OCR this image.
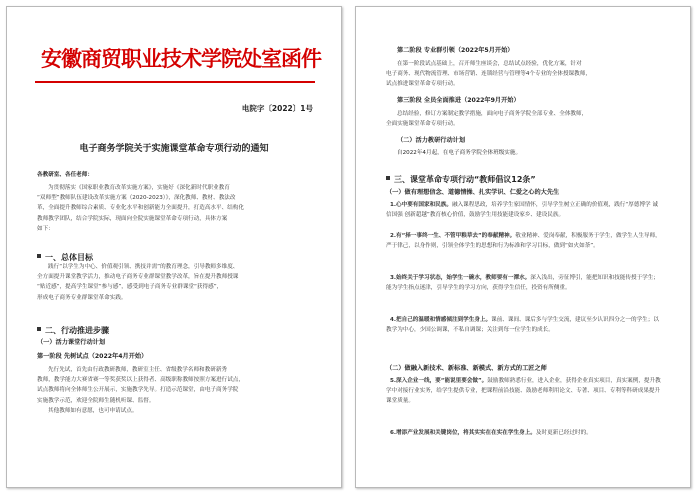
安徽商贸职业技术学院处室函件

电院字〔2022〕1号

电子商务学院关于实施课堂革命专项行动的通知

各教研室、各任老师：

为贯彻落实《国家职业教育改革实施方案》，实施好《深化新时代职业教育
“双师型”教师队伍建设改革实施方案（2020-2023）》，深化教师、教材、教法改
革，全面提升教师综合素质、专业化水平和创新能力全面提升，打造高水平、结构化
教师教学团队，结合学院实际，现面向全院实施课堂革命专项行动，具体方案
如下：
一、总体目标
践行“以学生为中心、价值观引领、携技并需”的教育理念，引导教师多维度、
全方面提升课堂教学活力，推动电子商务专业群课堂教学改革，旨在提升教师授课
“贴近感”，提高学生课堂“参与感”，感受到电子商务专业群课堂“获得感”，
形成电子商务专业群课堂革命实践。
二、行动推进步骤

（一）活力课堂行动计划

第一阶段 先树试点（2022年4月开始）

先行先试，首先由行政教研教师，教研室主任、省级教学名师和教研新秀
教师，教学能力大赛省赛一等奖获奖以上获得者、高级职称教师按照方案进行试点，
试点教师将向全体师生公开展示，实施教学先导。打造示范课堂，由电子商务学院
实施教学示范，欢迎全院师生随机听课、监督。
其他教师如有意愿，也可申请试点。

第二阶段 专业群引领（2022年5月开始）

在第一阶段试点基础上，召开师生座谈会，总结试点经验，优化方案，针对
电子商务、现代物流管理、市场营销、连锁经营与管理等4个专业的全体授课教师，
试点推进课堂革命专项行动。

第三阶段 全员全面推进（2022年9月开始）

总结经验，修订方案制定教学措施，面向电子商务学院全部专业、全体教师，
全面实施课堂革命专项行动。

（二）活力教研行动计划

自2022年4月起，在电子商务学院全体班级实施。

三、课堂革命专项行动“教师倡议12条”

（一）做有理想信念、道德情操、扎实学识、仁爱之心的大先生

1.心中要有国家和民族。融入课程思政，培养学生家国情怀，引导学生树立正确的价值观，践行“厚德博学 诚信国强 创新超越”教育核心价值，鼓励学生用技能建设家乡、建设民族。
2.有“择一事终一生、不管甲粮草去”的奉献精神。敬业精神、爱岗奉献，积极服务于学生，做学生人生导师，严于律己，以身作则，引领全体学生的思想和行为标准和学习目标，做到“如火如荼”。
3.始终关于学习状态，始学生一碗水，教师要有一潭水。深入浅出，旁征博引，能把知识和技能传授于学生；能为学生指点迷津，引导学生的学习方向，获得学生信任，投资有所侧重。
4.把自己的温暖和情感倾注到学生身上。课前、课间、课后多与学生交流，建议至少认识四分之一的学生；以教学为中心，少国公调课，不私自调课；关注到每一位学生的成长。

（二）做融入新技术、新标准、新模式、新方式的工匠之师

5.深入企业一线，要“能说里要会做”。鼓励教师熟悉行业，进入企业，获得企业真实项目，真实案例，提升教学中对接行业实务，给学生提供专业，把课程前沿技能、鼓励老师利用论文、专著、项目、专利等科研成果提升课堂质量。
6.增添产业发展和关键岗位，将其实实在在实在学生身上。及时更新已经过时的。
